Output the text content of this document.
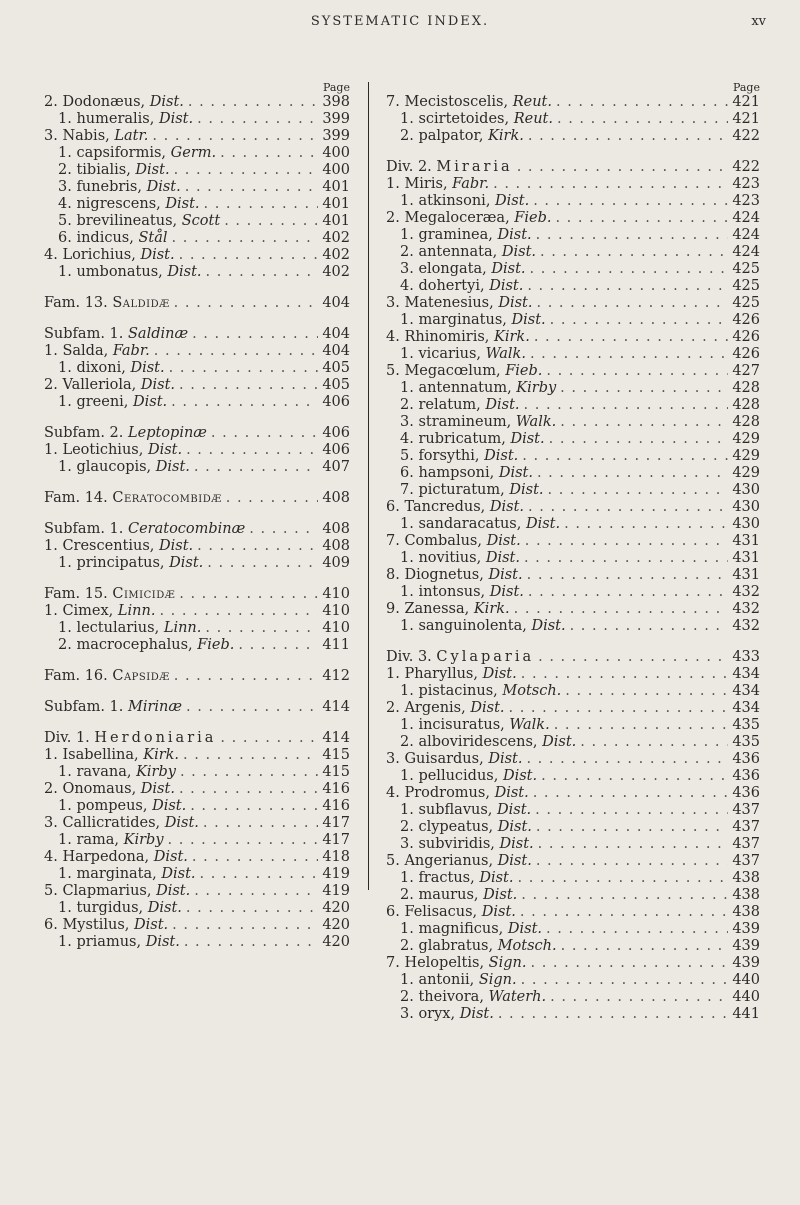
SYSTEMATIC INDEX.	xv
Page
2. Dodonæus, Dist. . . .	398
1. humeralis, Dist. . . .	399
3. Nabis, Latr. . . .	399
1. capsiformis, Germ. . . .	400
2. tibialis, Dist. . . .	400
3. funebris, Dist. . . .	401
4. nigrescens, Dist. . . .	401
5. brevilineatus, Scott . . .	401
6. indicus, Stål . . .	402
4. Lorichius, Dist. . . .	402
1. umbonatus, Dist. . . .	402
Fam. 13. Saldidæ . . .	404
Subfam. 1. Saldinæ . . .	404
1. Salda, Fabr. . . .	404
1. dixoni, Dist. . . .	405
2. Valleriola, Dist. . . .	405
1. greeni, Dist. . . .	406
Subfam. 2. Leptopinæ . . .	406
1. Leotichius, Dist. . . .	406
1. glaucopis, Dist. . . .	407
Fam. 14. Ceratocombidæ . . .	408
Subfam. 1. Ceratocombinæ . . .	408
1. Crescentius, Dist. . . .	408
1. principatus, Dist. . . .	409
Fam. 15. Cimicidæ . . .	410
1. Cimex, Linn. . . .	410
1. lectularius, Linn. . . .	410
2. macrocephalus, Fieb. . . .	411
Fam. 16. Capsidæ . . .	412
Subfam. 1. Mirinæ . . .	414
Div. 1. Herdoniaria . . .	414
1. Isabellina, Kirk. . . .	415
1. ravana, Kirby . . .	415
2. Onomaus, Dist. . . .	416
1. pompeus, Dist. . . .	416
3. Callicratides, Dist. . . .	417
1. rama, Kirby . . .	417
4. Harpedona, Dist. . . .	418
1. marginata, Dist. . . .	419
5. Clapmarius, Dist. . . .	419
1. turgidus, Dist. . . .	420
6. Mystilus, Dist. . . .	420
1. priamus, Dist. . . .	420
Page
7. Mecistoscelis, Reut. . . .	421
1. scirtetoides, Reut. . . .	421
2. palpator, Kirk. . . .	422
Div. 2. Miraria . . .	422
1. Miris, Fabr. . . .	423
1. atkinsoni, Dist. . . .	423
2. Megaloceræa, Fieb. . . .	424
1. graminea, Dist. . . .	424
2. antennata, Dist. . . .	424
3. elongata, Dist. . . .	425
4. dohertyi, Dist. . . .	425
3. Matenesius, Dist. . . .	425
1. marginatus, Dist. . . .	426
4. Rhinomiris, Kirk. . . .	426
1. vicarius, Walk. . . .	426
5. Megacœlum, Fieb. . . .	427
1. antennatum, Kirby . . .	428
2. relatum, Dist. . . .	428
3. stramineum, Walk. . . .	428
4. rubricatum, Dist. . . .	429
5. forsythi, Dist. . . .	429
6. hampsoni, Dist. . . .	429
7. picturatum, Dist. . . .	430
6. Tancredus, Dist. . . .	430
1. sandaracatus, Dist. . . .	430
7. Combalus, Dist. . . .	431
1. novitius, Dist. . . .	431
8. Diognetus, Dist. . . .	431
1. intonsus, Dist. . . .	432
9. Zanessa, Kirk. . . .	432
1. sanguinolenta, Dist. . . .	432
Div. 3. Cylaparia . . .	433
1. Pharyllus, Dist. . . .	434
1. pistacinus, Motsch. . . .	434
2. Argenis, Dist. . . .	434
1. incisuratus, Walk. . . .	435
2. alboviridescens, Dist. . . .	435
3. Guisardus, Dist. . . .	436
1. pellucidus, Dist. . . .	436
4. Prodromus, Dist. . . .	436
1. subflavus, Dist. . . .	437
2. clypeatus, Dist. . . .	437
3. subviridis, Dist. . . .	437
5. Angerianus, Dist. . . .	437
1. fractus, Dist. . . .	438
2. maurus, Dist. . . .	438
6. Felisacus, Dist. . . .	438
1. magnificus, Dist. . . .	439
2. glabratus, Motsch. . . .	439
7. Helopeltis, Sign. . . .	439
1. antonii, Sign. . . .	440
2. theivora, Waterh. . . .	440
3. oryx, Dist. . . .	441
